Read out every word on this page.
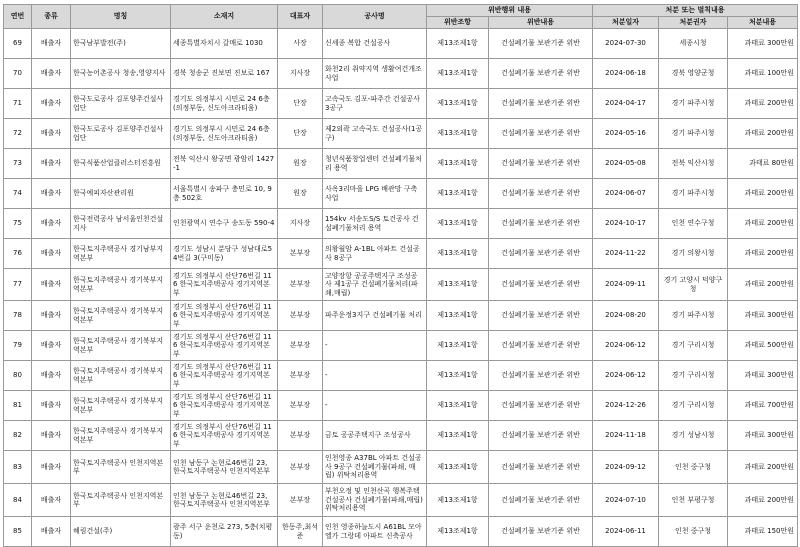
연번	종류	명칭	소재지	대표자	공사명	위반행위 내용		처분 또는 벌칙내용		
						위반조항	위반내용	처분일자	처분권자	처분내용
69	배출자	한국남부발전(주)	세종특별자치시 갈매로 1030	사장	신세종 복합 건설공사	제13조제1항	건설폐기물 보관기준 위반	2024-07-30	세종시청	과태료 300만원
70	배출자	한국농어촌공사 청송,영양지사	경북 청송군 진보면 진보로 167	지사장	화천2리 취약지역 생활여건개조사업	제13조제1항	건설폐기물 보관기준 위반	2024-06-18	경북 영양군청	과태료 100만원
71	배출자	한국도로공사 김포양주건설사업단	경기도 의정부시 시민로 24 6층 (의정부동, 신도아크라티움)	단장	고속국도 김포-파주간 건설공사 3공구	제13조제1항	건설폐기물 보관기준 위반	2024-04-17	경기 파주시청	과태료 200만원
72	배출자	한국도로공사 김포양주건설사업단	경기도 의정부시 시민로 24 6층 (의정부동, 신도아크라티움)	단장	제2외곽 고속국도 건설공사(1공구)	제13조제1항	건설폐기물 보관기준 위반	2024-05-16	경기 파주시청	과태료 200만원
73	배출자	한국식품산업클러스터진흥원	전북 익산시 왕궁면 광암리 1427-1	원장	청년식품창업센터 건설폐기물처리 용역	제13조제1항	건설폐기물 보관기준 위반	2024-05-08	전북 익산시청	과태료 80만원
74	배출자	한국예피자산관리원	서울특별시 송파구 충민로 10, 9층 502호	원장	사옥3리마을 LPG 배관망 구축사업	제13조제1항	건설폐기물 보관기준 위반	2024-06-07	경기 파주시청	과태료 200만원
75	배출자	한국전력공사 남서울인천건설지사	인천광역시 연수구 송도동 590-4	지사장	154kv 서송도S/S 토건공사 건설폐기물처리 용역	제13조제1항	건설폐기물 보관기준 위반	2024-10-17	인천 연수구청	과태료 200만원
76	배출자	한국토지주택공사 경기남부지역본부	경기도 성남시 분당구 성남대로54번길 3(구미동)	본부장	의왕월암 A-1BL 아파트 건설공사 8공구	제13조제1항	건설폐기물 보관기준 위반	2024-11-22	경기 의왕시청	과태료 200만원
77	배출자	한국토지주택공사 경기북부지역본부	경기도 의정부시 산단76번길 116 한국토지주택공사 경기지역본부	본부장	고양장항 공공주택지구 조성공사 제1공구 건설폐기물처리(파쇄,매립)	제13조제1항	건설폐기물 보관기준 위반	2024-09-11	경기 고양시 덕양구청	과태료 200만원
78	배출자	한국토지주택공사 경기북부지역본부	경기도 의정부시 산단76번길 116 한국토지주택공사 경기지역본부	본부장	파주운정3지구 건설폐기물 처리	제13조제1항	건설폐기물 보관기준 위반	2024-08-20	경기 파주시청	과태료 300만원
79	배출자	한국토지주택공사 경기북부지역본부	경기도 의정부시 산단76번길 116 한국토지주택공사 경기지역본부	본부장	-	제13조제1항	건설폐기물 보관기준 위반	2024-06-12	경기 구리시청	과태료 500만원
80	배출자	한국토지주택공사 경기북부지역본부	경기도 의정부시 산단76번길 116 한국토지주택공사 경기지역본부	본부장	-	제13조제1항	건설폐기물 보관기준 위반	2024-06-12	경기 구리시청	과태료 300만원
81	배출자	한국토지주택공사 경기북부지역본부	경기도 의정부시 산단76번길 116 한국토지주택공사 경기지역본부	본부장	-	제13조제1항	건설폐기물 보관기준 위반	2024-12-26	경기 구리시청	과태료 700만원
82	배출자	한국토지주택공사 경기북부지역본부	경기도 의정부시 산단76번길 116 한국토지주택공사 경기지역본부	본부장	금토 공공주택지구 조성공사	제13조제1항	건설폐기물 보관기준 위반	2024-11-18	경기 성남시청	과태료 300만원
83	배출자	한국토지주택공사 인천지역본부	인천 남동구 논현로46번길 23, 한국토지주택공사 인천지역본부	본부장	인천영종 A37BL 아파트 건설공사 9공구 건설폐기물(파쇄, 매립) 위탁처리용역	제13조제1항	건설폐기물 보관기준 위반	2024-09-12	인천 중구청	과태료 200만원
84	배출자	한국토지주택공사 인천지역본부	인천 남동구 논현로46번길 23, 한국토지주택공사 인천지역본부	본부장	부천오정 및 인천산곡 행복주택 건설공사 건설폐기물(파쇄,매립) 위탁처리용역	제13조제1항	건설폐기물 보관기준 위반	2024-07-10	인천 부평구청	과태료 200만원
85	배출자	혜림건설(주)	광주 서구 운천로 273, 5층(치평동)	한동주,최석준	인천 영종하늘도시 A61BL 모아엘가 그랑데 아파트 신축공사	제13조제1항	건설폐기물 보관기준 위반	2024-06-11	인천 중구청	과태료 150만원
